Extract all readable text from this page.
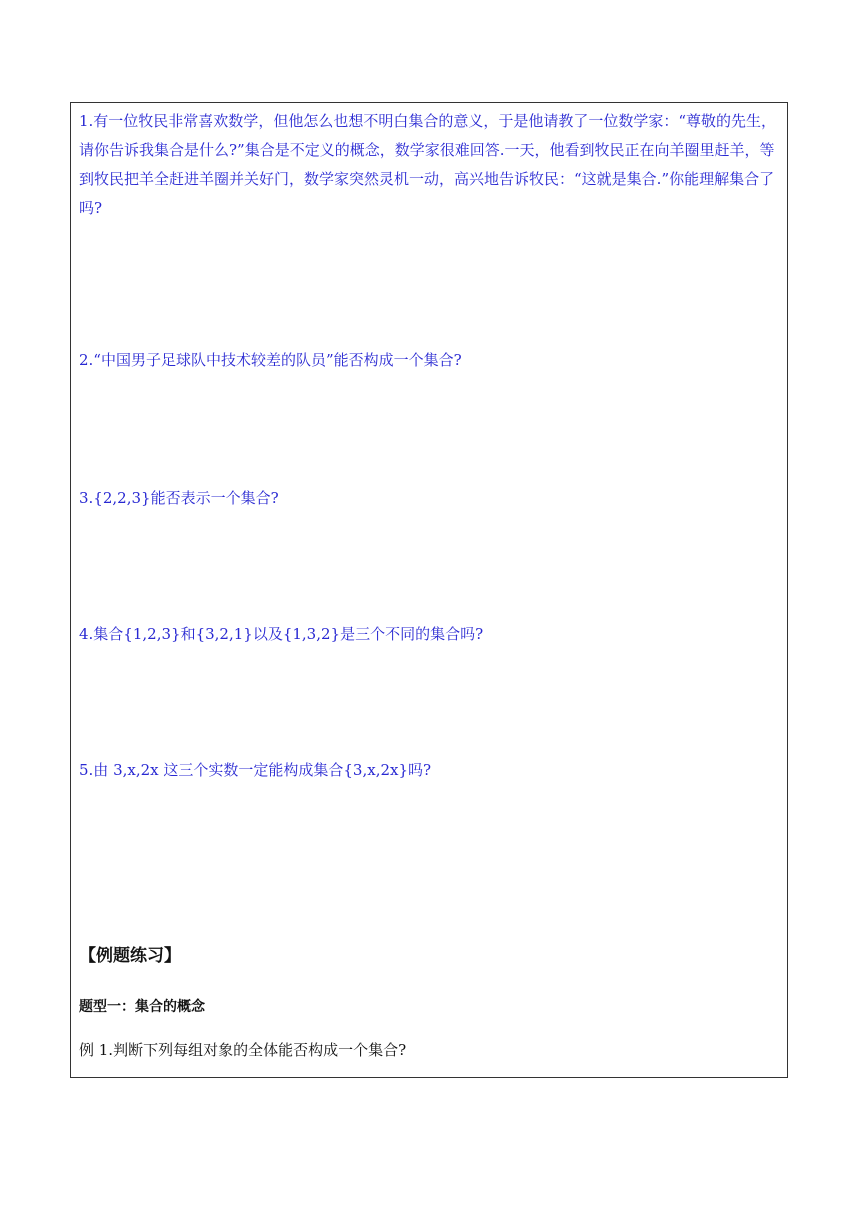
1.有一位牧民非常喜欢数学，但他怎么也想不明白集合的意义，于是他请教了一位数学家：“尊敬的先生，请你告诉我集合是什么?”集合是不定义的概念，数学家很难回答.一天，他看到牧民正在向羊圈里赶羊，等到牧民把羊全赶进羊圈并关好门，数学家突然灵机一动，高兴地告诉牧民：“这就是集合.”你能理解集合了吗?

2.“中国男子足球队中技术较差的队员”能否构成一个集合?

3.{2,2,3}能否表示一个集合?

4.集合{1,2,3}和{3,2,1}以及{1,3,2}是三个不同的集合吗?

5.由 3,x,2x 这三个实数一定能构成集合{3,x,2x}吗?

【例题练习】
题型一：集合的概念

例 1.判断下列每组对象的全体能否构成一个集合?
